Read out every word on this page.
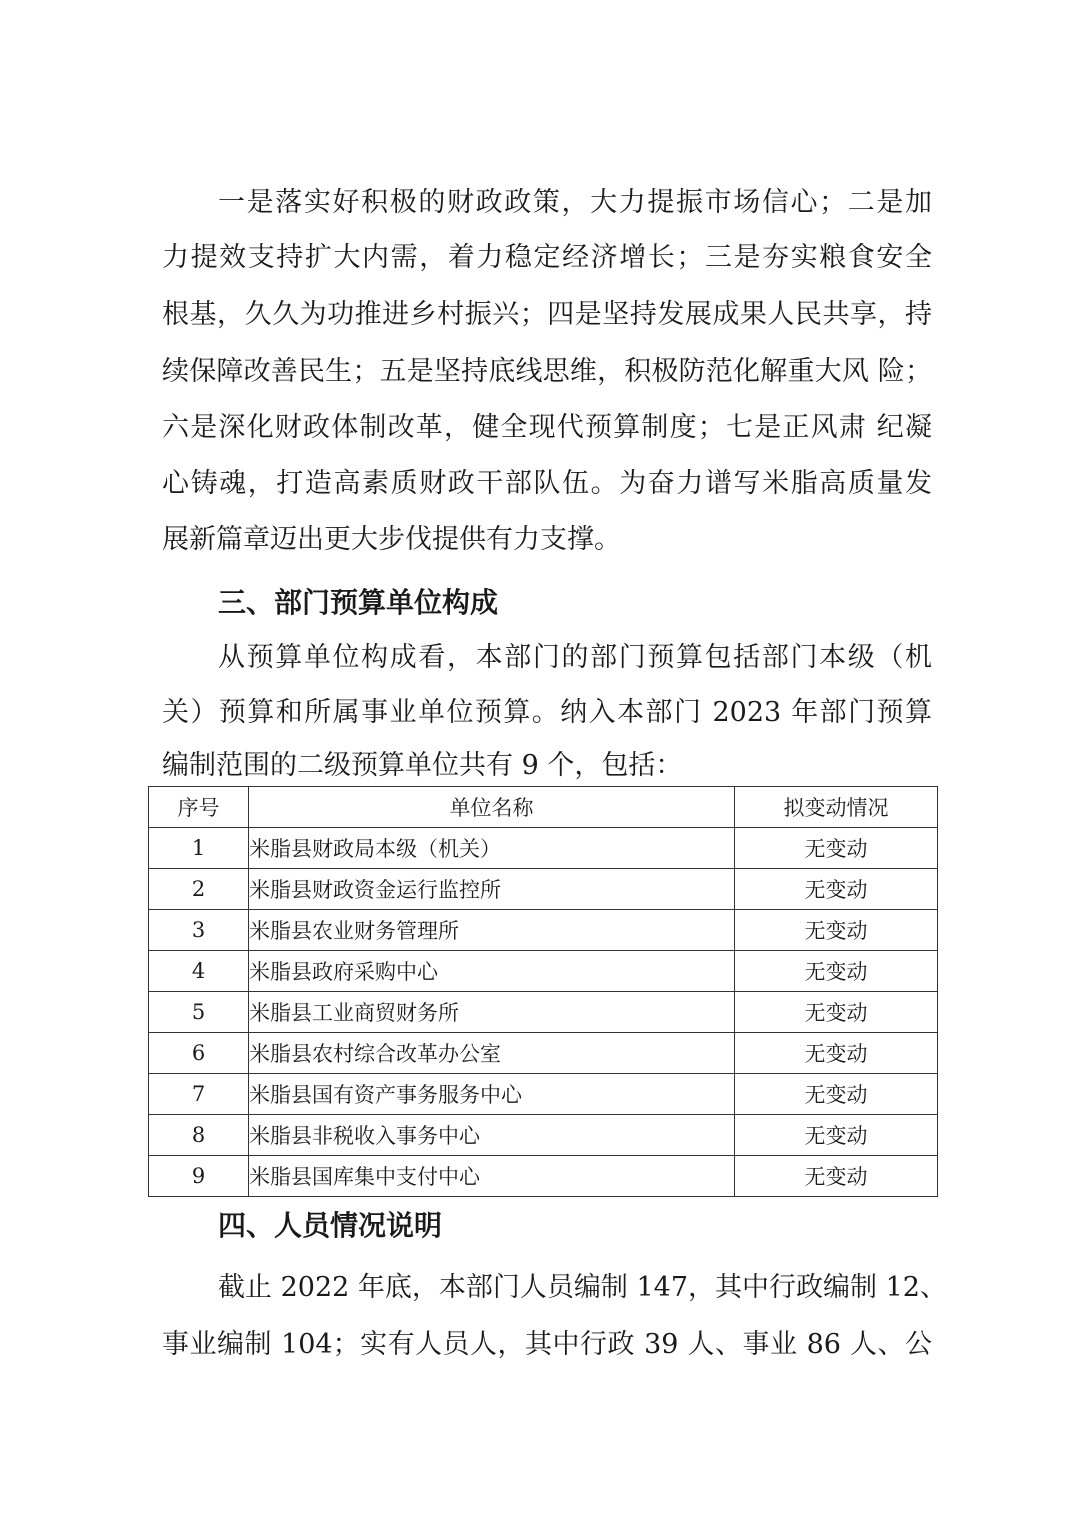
一是落实好积极的财政政策，大力提振市场信心；二是加
力提效支持扩大内需，着力稳定经济增长；三是夯实粮食安全
根基，久久为功推进乡村振兴；四是坚持发展成果人民共享，持
续保障改善民生；五是坚持底线思维，积极防范化解重大风 险；
六是深化财政体制改革，健全现代预算制度；七是正风肃 纪凝
心铸魂，打造高素质财政干部队伍。为奋力谱写米脂高质量发
展新篇章迈出更大步伐提供有力支撑。
三、部门预算单位构成
从预算单位构成看，本部门的部门预算包括部门本级（机
关）预算和所属事业单位预算。纳入本部门 2023 年部门预算
编制范围的二级预算单位共有 9 个，包括：
序号	单位名称	拟变动情况
1	米脂县财政局本级（机关）	无变动
2	米脂县财政资金运行监控所	无变动
3	米脂县农业财务管理所	无变动
4	米脂县政府采购中心	无变动
5	米脂县工业商贸财务所	无变动
6	米脂县农村综合改革办公室	无变动
7	米脂县国有资产事务服务中心	无变动
8	米脂县非税收入事务中心	无变动
9	米脂县国库集中支付中心	无变动
四、人员情况说明
截止 2022 年底，本部门人员编制 147，其中行政编制 12、
事业编制 104；实有人员人，其中行政 39 人、事业 86 人、公
